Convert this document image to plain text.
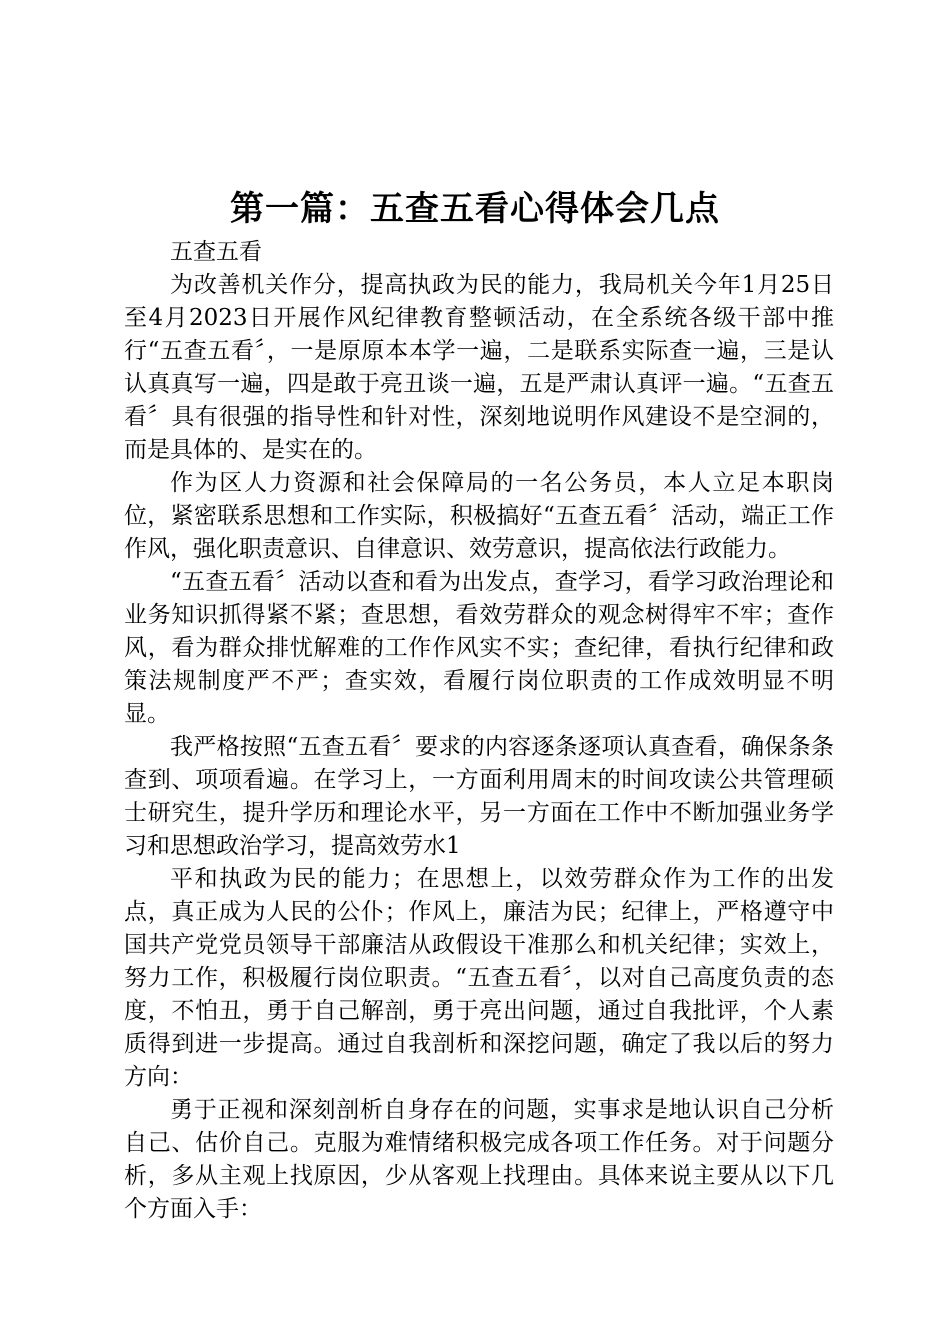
第一篇：五查五看心得体会几点

五查五看

为改善机关作分，提高执政为民的能力，我局机关今年1月25日至4月2023日开展作风纪律教育整顿活动，在全系统各级干部中推行“五查五看〞，一是原原本本学一遍，二是联系实际查一遍，三是认认真真写一遍，四是敢于亮丑谈一遍，五是严肃认真评一遍。“五查五看〞具有很强的指导性和针对性，深刻地说明作风建设不是空洞的，而是具体的、是实在的。

作为区人力资源和社会保障局的一名公务员，本人立足本职岗位，紧密联系思想和工作实际，积极搞好“五查五看〞活动，端正工作作风，强化职责意识、自律意识、效劳意识，提高依法行政能力。

“五查五看〞活动以查和看为出发点，查学习，看学习政治理论和业务知识抓得紧不紧；查思想，看效劳群众的观念树得牢不牢；查作风，看为群众排忧解难的工作作风实不实；查纪律，看执行纪律和政策法规制度严不严；查实效，看履行岗位职责的工作成效明显不明显。

我严格按照“五查五看〞要求的内容逐条逐项认真查看，确保条条查到、项项看遍。在学习上，一方面利用周末的时间攻读公共管理硕士研究生，提升学历和理论水平，另一方面在工作中不断加强业务学习和思想政治学习，提高效劳水1

平和执政为民的能力；在思想上，以效劳群众作为工作的出发点，真正成为人民的公仆；作风上，廉洁为民；纪律上，严格遵守中国共产党党员领导干部廉洁从政假设干准那么和机关纪律；实效上，努力工作，积极履行岗位职责。“五查五看〞，以对自己高度负责的态度，不怕丑，勇于自己解剖，勇于亮出问题，通过自我批评，个人素质得到进一步提高。通过自我剖析和深挖问题，确定了我以后的努力方向：

勇于正视和深刻剖析自身存在的问题，实事求是地认识自己分析自己、估价自己。克服为难情绪积极完成各项工作任务。对于问题分析，多从主观上找原因，少从客观上找理由。具体来说主要从以下几个方面入手：
